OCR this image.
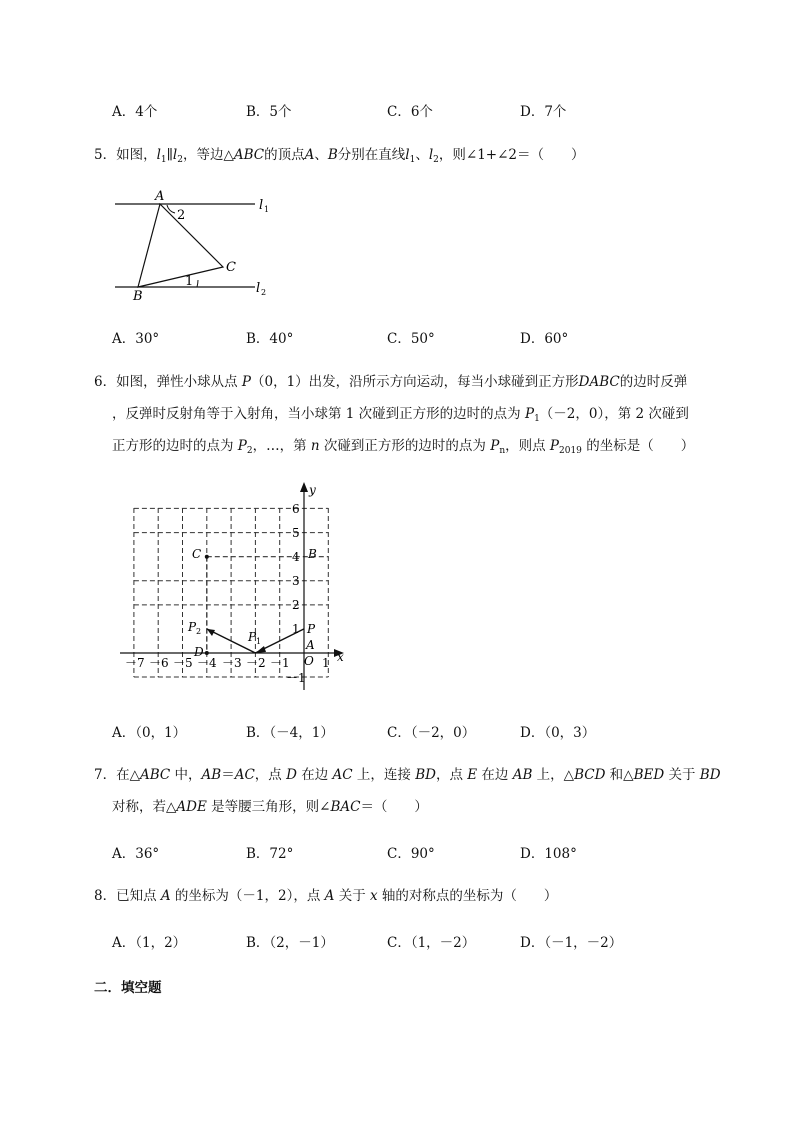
A．4个	B．5个	C．6个	D．7个
5．如图，$l_1\parallel l_2$，等边△ABC的顶点A、B分别在直线$l_1$、$l_2$，则∠1+∠2＝（　　）
A
B
C
l 1
l 2
1
2
A．30°	B．40°	C．50°	D．60°
6．如图，弹性小球从点 P（0，1）出发，沿所示方向运动，每当小球碰到正方形DABC的边时反弹
，反弹时反射角等于入射角，当小球第 1 次碰到正方形的边时的点为 $P_1(-2$，0），第 2 次碰到
正方形的边时的点为 $P_2$，…，第 n 次碰到正方形的边时的点为 $P_n$，则点 $P_{2019}$ 的坐标是（　　）
－7 －6 －5 －4 －3 －2 －1	1
6
5
4
3
2
1
－1
x
y
O
C	B
D	A
P
P 1
P 2
A．（0，1）	B．（－4，1）	C．（－2，0）	D．（0，3）
7．在△ABC 中，AB＝AC，点 D 在边 AC 上，连接 BD，点 E 在边 AB 上，△BCD 和△BED 关于 BD
对称，若△ADE 是等腰三角形，则∠BAC＝（　　）
A．36°	B．72°	C．90°	D．108°
8．已知点 A 的坐标为（－1，2），点 A 关于 x 轴的对称点的坐标为（　　）
A．（1，2）	B．（2，－1）	C．（1，－2）	D．（－1，－2）
二．填空题
